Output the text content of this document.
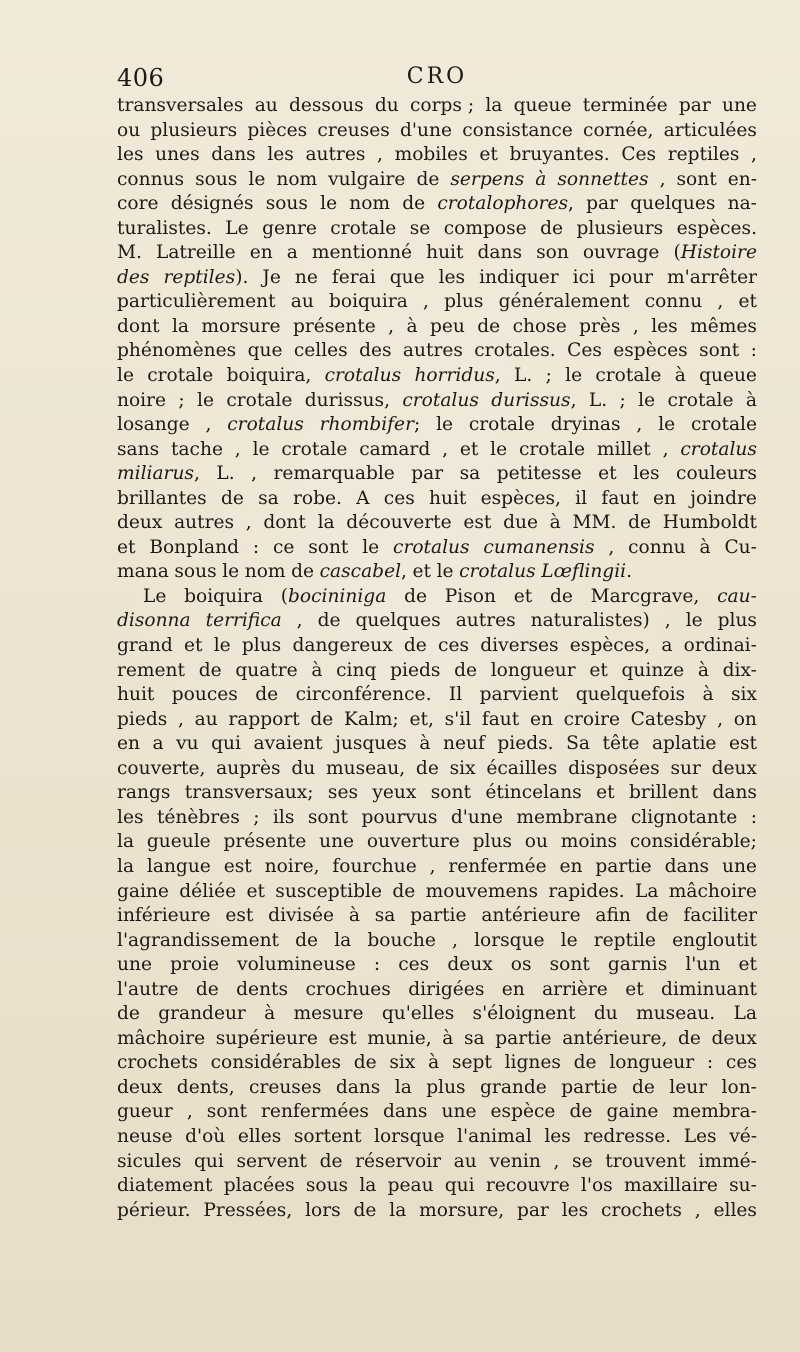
406	CRO
transversales au dessous du corps ; la queue terminée par une
ou plusieurs pièces creuses d'une consistance cornée, articulées
les unes dans les autres , mobiles et bruyantes. Ces reptiles ,
connus sous le nom vulgaire de serpens à sonnettes , sont en-
core désignés sous le nom de crotalophores, par quelques na-
turalistes. Le genre crotale se compose de plusieurs espèces.
M. Latreille en a mentionné huit dans son ouvrage (Histoire
des reptiles). Je ne ferai que les indiquer ici pour m'arrêter
particulièrement au boiquira , plus généralement connu , et
dont la morsure présente , à peu de chose près , les mêmes
phénomènes que celles des autres crotales. Ces espèces sont :
le crotale boiquira, crotalus horridus, L. ; le crotale à queue
noire ; le crotale durissus, crotalus durissus, L. ; le crotale à
losange , crotalus rhombifer; le crotale dryinas , le crotale
sans tache , le crotale camard , et le crotale millet , crotalus
miliarus, L. , remarquable par sa petitesse et les couleurs
brillantes de sa robe. A ces huit espèces, il faut en joindre
deux autres , dont la découverte est due à MM. de Humboldt
et Bonpland : ce sont le crotalus cumanensis , connu à Cu-
mana sous le nom de cascabel, et le crotalus Lœflingii.
Le boiquira (bocininiga de Pison et de Marcgrave, cau-
disonna terrifica , de quelques autres naturalistes) , le plus
grand et le plus dangereux de ces diverses espèces, a ordinai-
rement de quatre à cinq pieds de longueur et quinze à dix-
huit pouces de circonférence. Il parvient quelquefois à six
pieds , au rapport de Kalm; et, s'il faut en croire Catesby , on
en a vu qui avaient jusques à neuf pieds. Sa tête aplatie est
couverte, auprès du museau, de six écailles disposées sur deux
rangs transversaux; ses yeux sont étincelans et brillent dans
les ténèbres ; ils sont pourvus d'une membrane clignotante :
la gueule présente une ouverture plus ou moins considérable;
la langue est noire, fourchue , renfermée en partie dans une
gaine déliée et susceptible de mouvemens rapides. La mâchoire
inférieure est divisée à sa partie antérieure afin de faciliter
l'agrandissement de la bouche , lorsque le reptile engloutit
une proie volumineuse : ces deux os sont garnis l'un et
l'autre de dents crochues dirigées en arrière et diminuant
de grandeur à mesure qu'elles s'éloignent du museau. La
mâchoire supérieure est munie, à sa partie antérieure, de deux
crochets considérables de six à sept lignes de longueur : ces
deux dents, creuses dans la plus grande partie de leur lon-
gueur , sont renfermées dans une espèce de gaine membra-
neuse d'où elles sortent lorsque l'animal les redresse. Les vé-
sicules qui servent de réservoir au venin , se trouvent immé-
diatement placées sous la peau qui recouvre l'os maxillaire su-
périeur. Pressées, lors de la morsure, par les crochets , elles
